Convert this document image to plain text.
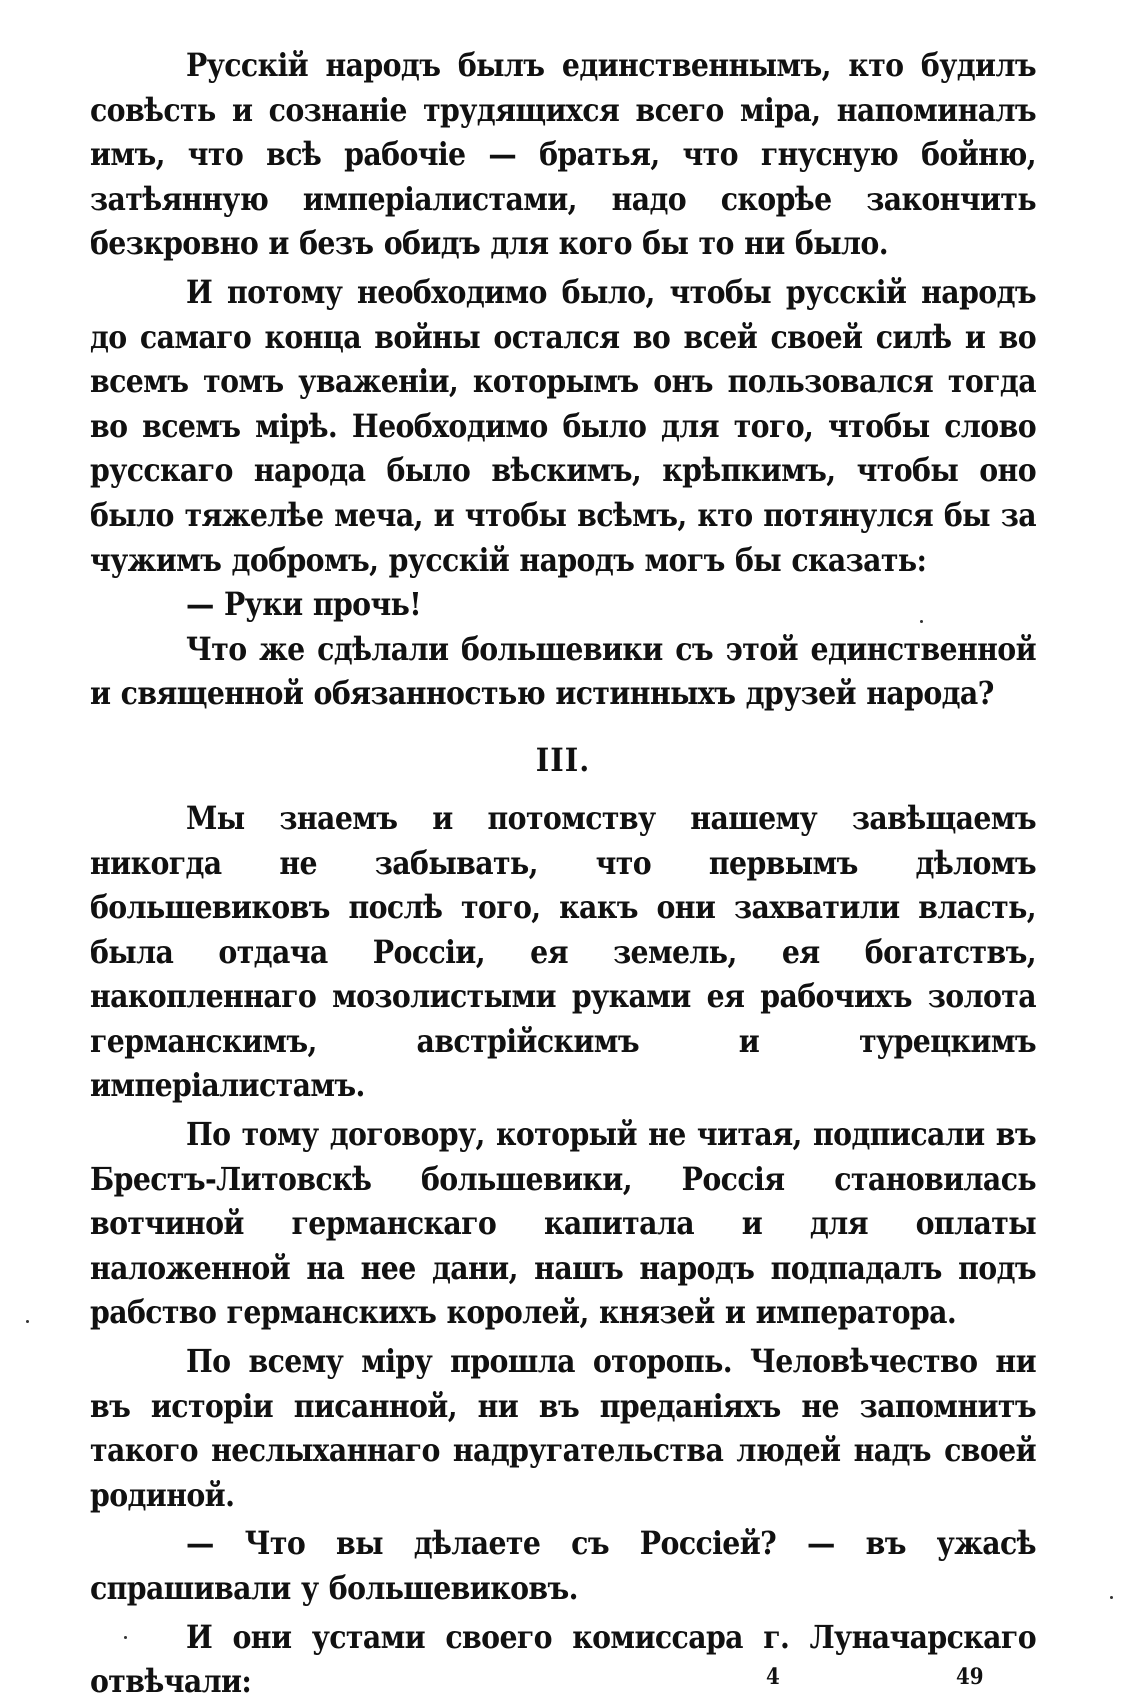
Русскій народъ былъ единственнымъ, кто будилъ совѣсть и сознаніе трудящихся всего міра, напоминалъ имъ, что всѣ рабочіе — братья, что гнусную бойню, затѣянную имперіалистами, надо скорѣе закончить безкровно и безъ обидъ для кого бы то ни было.

И потому необходимо было, чтобы русскій народъ до самаго конца войны остался во всей своей силѣ и во всемъ томъ уваженіи, которымъ онъ пользовался тогда во всемъ мірѣ. Необходимо было для того, чтобы слово русскаго народа было вѣскимъ, крѣпкимъ, чтобы оно было тяжелѣе меча, и чтобы всѣмъ, кто потянулся бы за чужимъ добромъ, русскій народъ могъ бы сказать:

— Руки прочь!

Что же сдѣлали большевики съ этой единственной и священной обязанностью истинныхъ друзей народа?

III.

Мы знаемъ и потомству нашему завѣщаемъ никогда не забывать, что первымъ дѣломъ большевиковъ послѣ того, какъ они захватили власть, была отдача Россіи, ея земель, ея богатствъ, накопленнаго мозолистыми руками ея рабочихъ золота германскимъ, австрійскимъ и турецкимъ имперіалистамъ.

По тому договору, который не читая, подписали въ Брестъ-Литовскѣ большевики, Россія становилась вотчиной германскаго капитала и для оплаты наложенной на нее дани, нашъ народъ подпадалъ подъ рабство германскихъ королей, князей и императора.

По всему міру прошла оторопь. Человѣчество ни въ исторіи писанной, ни въ преданіяхъ не запомнитъ такого неслыханнаго надругательства людей надъ своей родиной.

— Что вы дѣлаете съ Россіей? — въ ужасѣ спрашивали у большевиковъ.

И они устами своего комиссара г. Луначарскаго отвѣчали:	4	49
